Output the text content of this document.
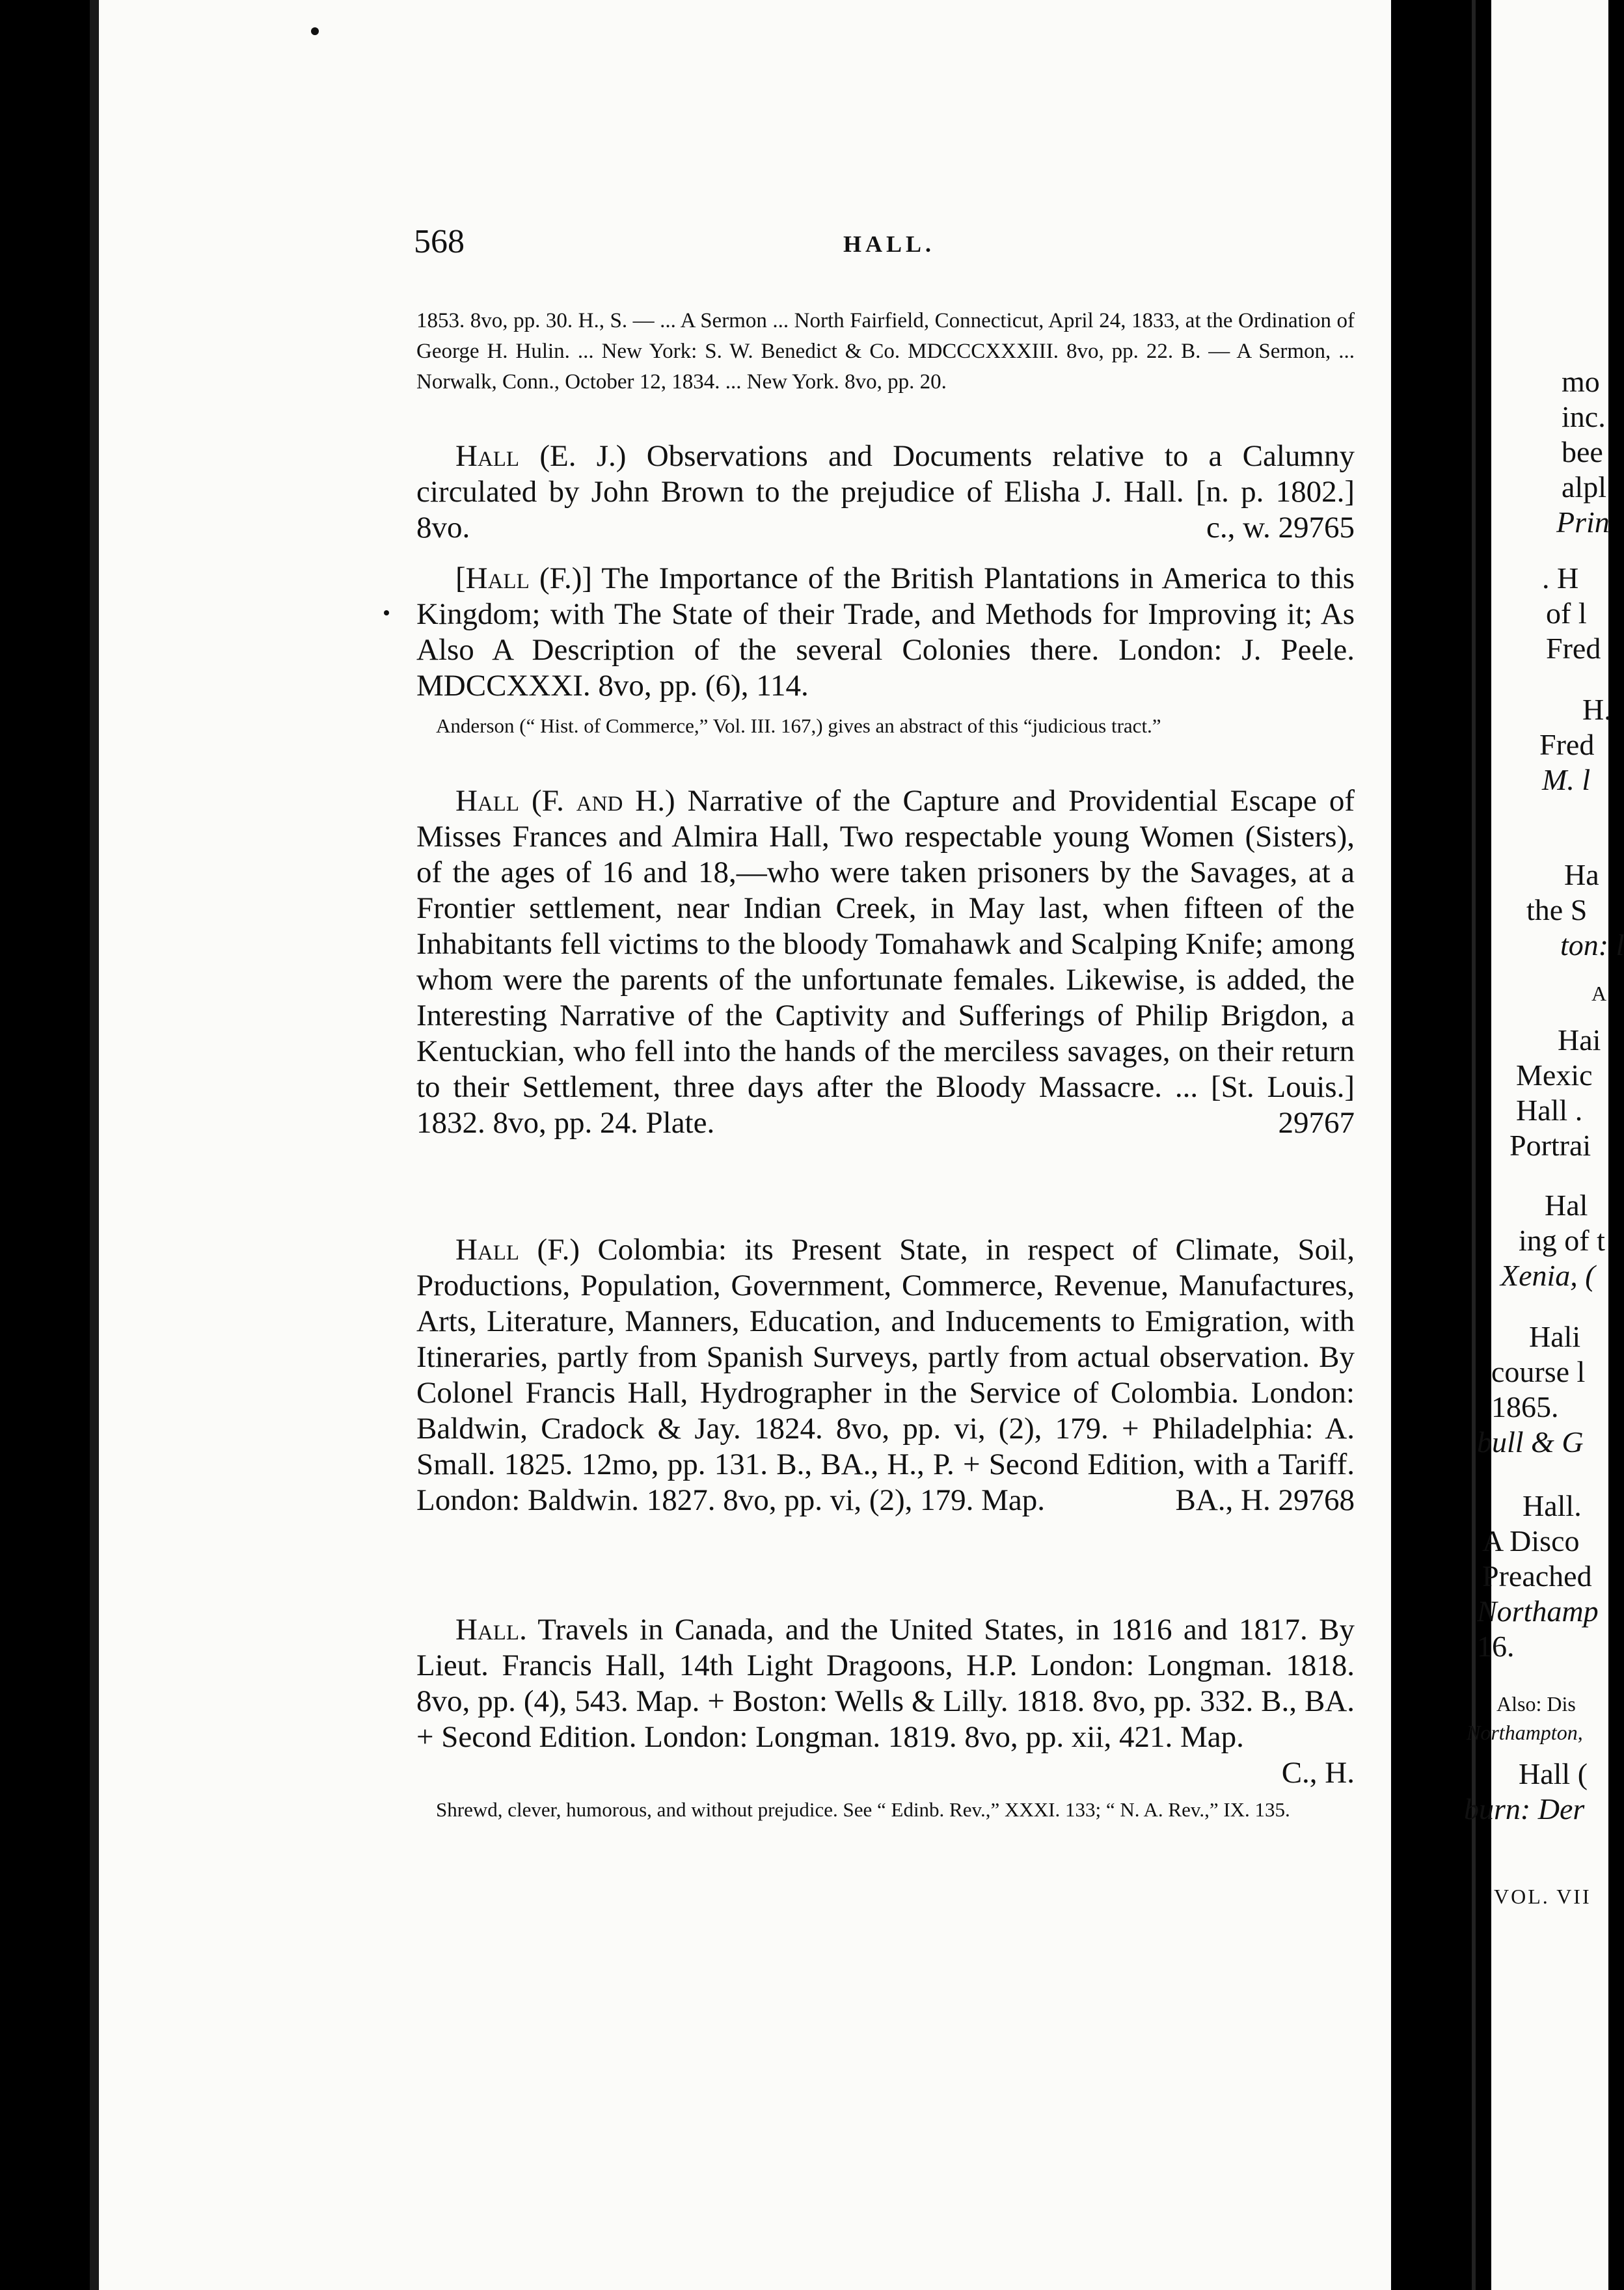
568	HALL.
1853. 8vo, pp. 30. H., S. — ... A Sermon ... North Fairfield, Connecticut, April 24, 1833, at the Ordination of George H. Hulin. ... New York: S. W. Benedict & Co. MDCCCXXXIII. 8vo, pp. 22. B. — A Sermon, ... Norwalk, Conn., October 12, 1834. ... New York. 8vo, pp. 20.
Hall (E. J.) Observations and Documents relative to a Calumny circulated by John Brown to the prejudice of Elisha J. Hall. [n. p. 1802.] 8vo.	c., w. 29765
[Hall (F.)] The Importance of the British Plantations in America to this Kingdom; with The State of their Trade, and Methods for Improving it; As Also A Description of the several Colonies there. London: J. Peele. MDCCXXXI. 8vo, pp. (6), 114.
Anderson (“ Hist. of Commerce,” Vol. III. 167,) gives an abstract of this “judicious tract.”
Hall (F. and H.) Narrative of the Capture and Providential Escape of Misses Frances and Almira Hall, Two respectable young Women (Sisters), of the ages of 16 and 18,—who were taken prisoners by the Savages, at a Frontier settlement, near Indian Creek, in May last, when fifteen of the Inhabitants fell victims to the bloody Tomahawk and Scalping Knife; among whom were the parents of the unfortunate females. Likewise, is added, the Interesting Narrative of the Captivity and Sufferings of Philip Brigdon, a Kentuckian, who fell into the hands of the merciless savages, on their return to their Settlement, three days after the Bloody Massacre. ... [St. Louis.] 1832. 8vo, pp. 24. Plate.	29767
Hall (F.) Colombia: its Present State, in respect of Climate, Soil, Productions, Population, Government, Commerce, Revenue, Manufactures, Arts, Literature, Manners, Education, and Inducements to Emigration, with Itineraries, partly from Spanish Surveys, partly from actual observation. By Colonel Francis Hall, Hydrographer in the Service of Colombia. London: Baldwin, Cradock & Jay. 1824. 8vo, pp. vi, (2), 179. + Philadelphia: A. Small. 1825. 12mo, pp. 131. B., BA., H., P. + Second Edition, with a Tariff. London: Baldwin. 1827. 8vo, pp. vi, (2), 179. Map.	BA., H. 29768
Hall. Travels in Canada, and the United States, in 1816 and 1817. By Lieut. Francis Hall, 14th Light Dragoons, H.P. London: Longman. 1818. 8vo, pp. (4), 543. Map. + Boston: Wells & Lilly. 1818. 8vo, pp. 332. B., BA. + Second Edition. London: Longman. 1819. 8vo, pp. xii, 421. Map.
C., H.
Shrewd, clever, humorous, and without prejudice. See “ Edinb. Rev.,” XXXI. 133; “ N. A. Rev.,” IX. 135.
mo
inc.
bee
alpl
Prin
. H
of l
Fred
H.
Fred
M. l
Ha
the S
ton: l
A
Hai
Mexic
Hall .
Portrai
Hal
ing of t
Xenia, (
Hali
course l
1865.
bull & G
Hall.
A Disco
Preached
Northamp
16.
Also: Dis
Northampton,
Hall (
burn: Der
VOL. VII
